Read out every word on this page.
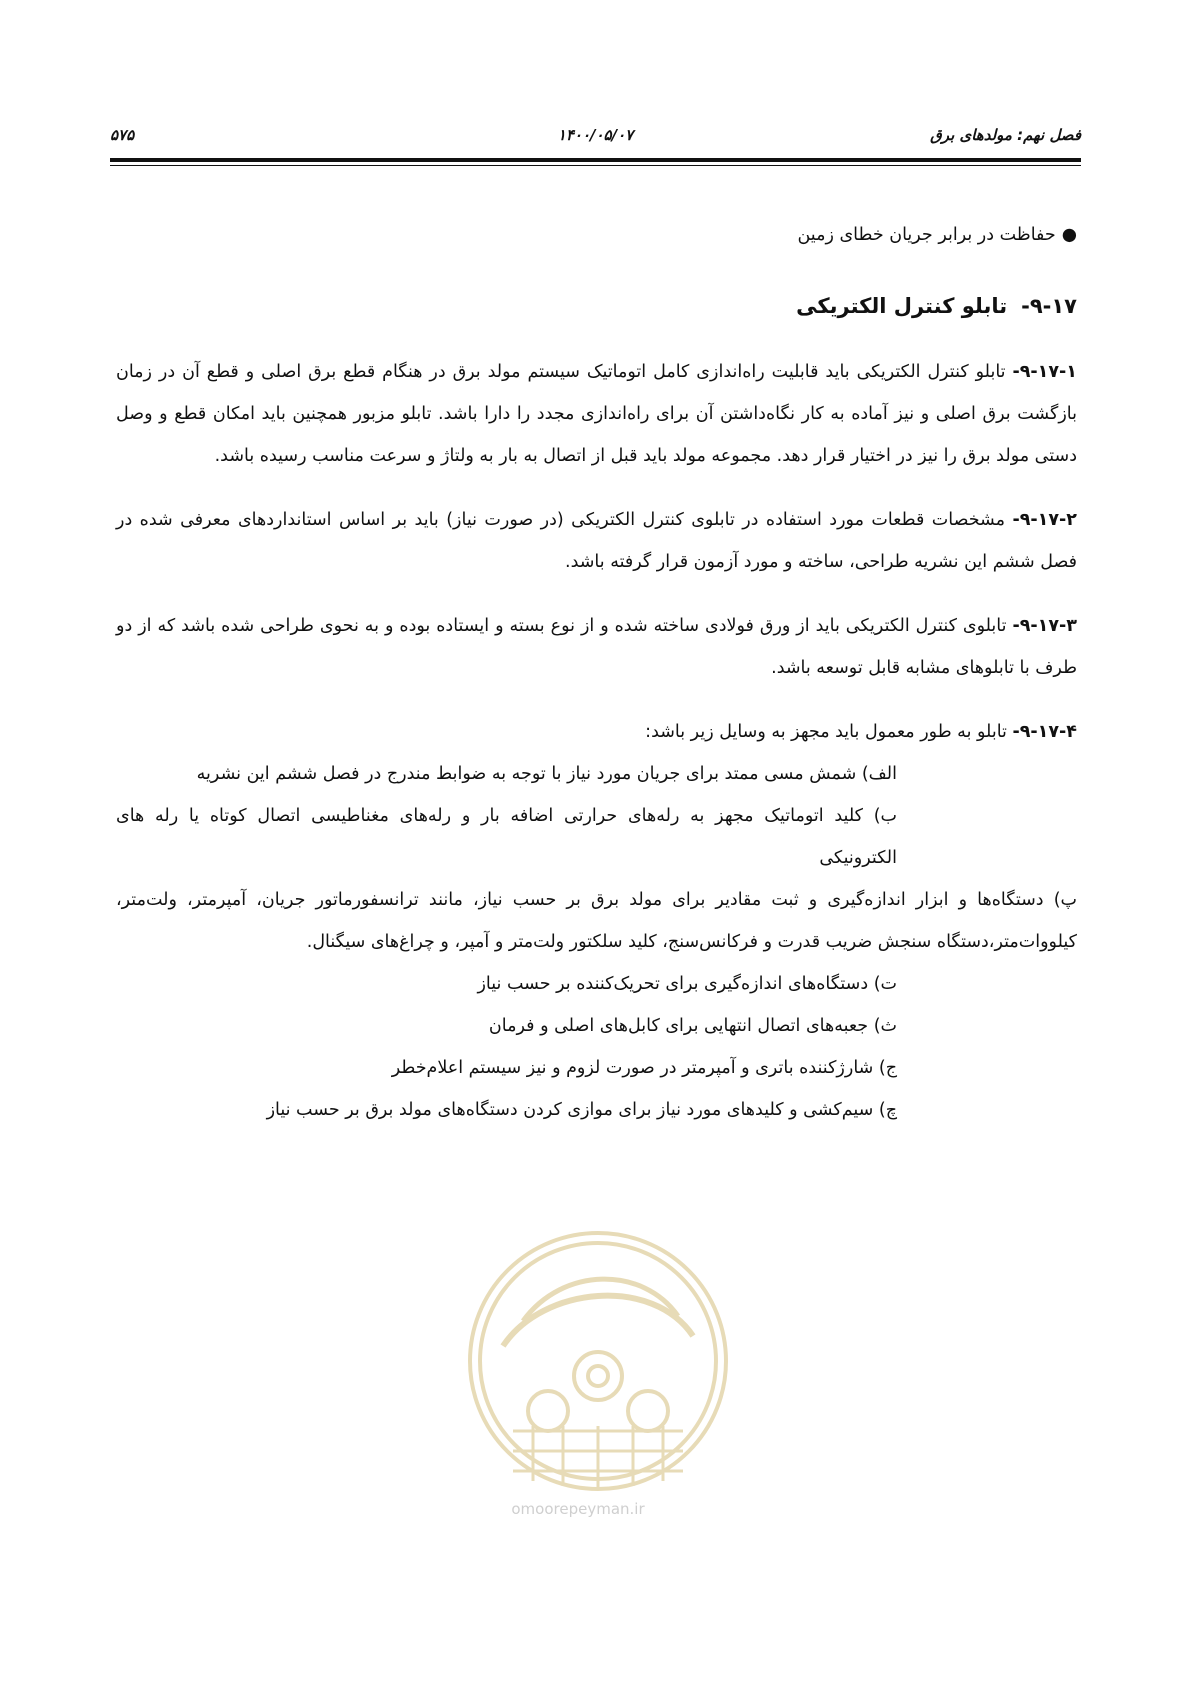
فصل نهم: مولدهای برق
۱۴۰۰/۰۵/۰۷
۵۷۵

●حفاظت در برابر جریان خطای زمین

۹-۱۷-تابلو کنترل الکتریکی

۹-۱۷-۱- تابلو کنترل الکتریکی باید قابلیت راه‌اندازی کامل اتوماتیک سیستم مولد برق در هنگام قطع برق اصلی و قطع آن در زمان بازگشت برق اصلی و نیز آماده به کار نگاه‌داشتن آن برای راه‌اندازی مجدد را دارا باشد. تابلو مزبور همچنین باید امکان قطع و وصل دستی مولد برق را نیز در اختیار قرار دهد. مجموعه مولد باید قبل از اتصال به بار به ولتاژ و سرعت مناسب رسیده باشد.

۹-۱۷-۲- مشخصات قطعات مورد استفاده در تابلوی کنترل الکتریکی (در صورت نیاز) باید بر اساس استانداردهای معرفی شده در فصل ششم این نشریه طراحی، ساخته و مورد آزمون قرار گرفته باشد.

۹-۱۷-۳- تابلوی کنترل الکتریکی باید از ورق فولادی ساخته شده و از نوع بسته و ایستاده بوده و به نحوی طراحی شده باشد که از دو طرف با تابلوهای مشابه قابل توسعه باشد.

۹-۱۷-۴- تابلو به طور معمول باید مجهز به وسایل زیر باشد:

الف) شمش مسی ممتد برای جریان مورد نیاز با توجه به ضوابط مندرج در فصل ششم این نشریه
ب) کلید اتوماتیک مجهز به رله‌های حرارتی اضافه بار و رله‌های مغناطیسی اتصال کوتاه یا رله های الکترونیکی
پ) دستگاه‌ها و ابزار اندازه‌گیری و ثبت مقادیر برای مولد برق بر حسب نیاز، مانند ترانسفورماتور جریان، آمپرمتر، ولت‌متر، کیلووات‌متر،دستگاه سنجش ضریب قدرت و فرکانس‌سنج، کلید سلکتور ولت‌متر و آمپر، و چراغ‌های سیگنال.
ت) دستگاه‌های اندازه‌گیری برای تحریک‌کننده بر حسب نیاز
ث) جعبه‌های اتصال انتهایی برای کابل‌های اصلی و فرمان
ج) شارژکننده باتری و آمپرمتر در صورت لزوم و نیز سیستم اعلام‌خطر
چ) سیم‌کشی و کلیدهای مورد نیاز برای موازی کردن دستگاه‌های مولد برق بر حسب نیاز
omoorepeyman.ir
